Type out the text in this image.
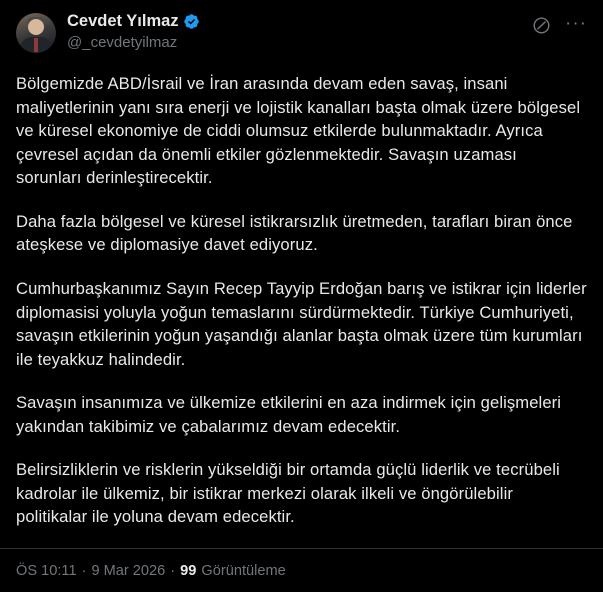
Cevdet Yılmaz
@_cevdetyilmaz
···

Bölgemizde ABD/İsrail ve İran arasında devam eden savaş, insani maliyetlerinin yanı sıra enerji ve lojistik kanalları başta olmak üzere bölgesel ve küresel ekonomiye de ciddi olumsuz etkilerde bulunmaktadır. Ayrıca çevresel açıdan da önemli etkiler gözlenmektedir. Savaşın uzaması sorunları derinleştirecektir.

Daha fazla bölgesel ve küresel istikrarsızlık üretmeden, tarafları biran önce ateşkese ve diplomasiye davet ediyoruz.

Cumhurbaşkanımız Sayın Recep Tayyip Erdoğan barış ve istikrar için liderler diplomasisi yoluyla yoğun temaslarını sürdürmektedir. Türkiye Cumhuriyeti, savaşın etkilerinin yoğun yaşandığı alanlar başta olmak üzere tüm kurumları ile teyakkuz halindedir.

Savaşın insanımıza ve ülkemize etkilerini en aza indirmek için gelişmeleri yakından takibimiz ve çabalarımız devam edecektir.

Belirsizliklerin ve risklerin yükseldiği bir ortamda güçlü liderlik ve tecrübeli kadrolar ile ülkemiz, bir istikrar merkezi olarak ilkeli ve öngörülebilir politikalar ile yoluna devam edecektir.

ÖS 10:11 · 9 Mar 2026 · 99 Görüntüleme
